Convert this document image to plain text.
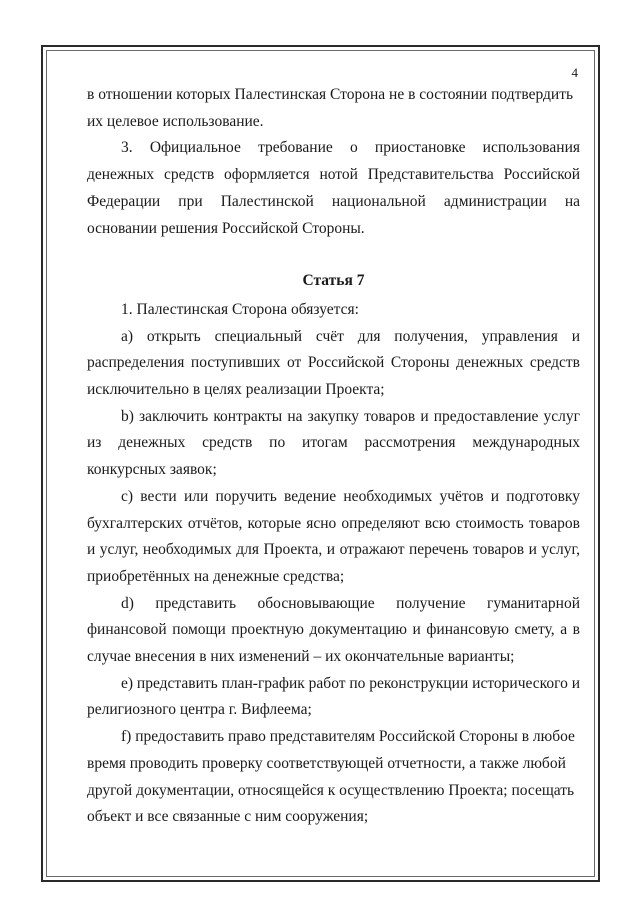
4

в отношении которых Палестинская Сторона не в состоянии подтвердить их целевое использование.

3. Официальное требование о приостановке использования денежных средств оформляется нотой Представительства Российской Федерации при Палестинской национальной администрации на основании решения Российской Стороны.

Статья 7

1. Палестинская Сторона обязуется:

а) открыть специальный счёт для получения, управления и распределения поступивших от Российской Стороны денежных средств исключительно в целях реализации Проекта;

b) заключить контракты на закупку товаров и предоставление услуг из денежных средств по итогам рассмотрения международных конкурсных заявок;

c) вести или поручить ведение необходимых учётов и подготовку бухгалтерских отчётов, которые ясно определяют всю стоимость товаров и услуг, необходимых для Проекта, и отражают перечень товаров и услуг, приобретённых на денежные средства;

d) представить обосновывающие получение гуманитарной финансовой помощи проектную документацию и финансовую смету, а в случае внесения в них изменений – их окончательные варианты;

e) представить план-график работ по реконструкции исторического и религиозного центра г. Вифлеема;

f) предоставить право представителям Российской Стороны в любое время проводить проверку соответствующей отчетности, а также любой другой документации, относящейся к осуществлению Проекта; посещать объект и все связанные с ним сооружения;
